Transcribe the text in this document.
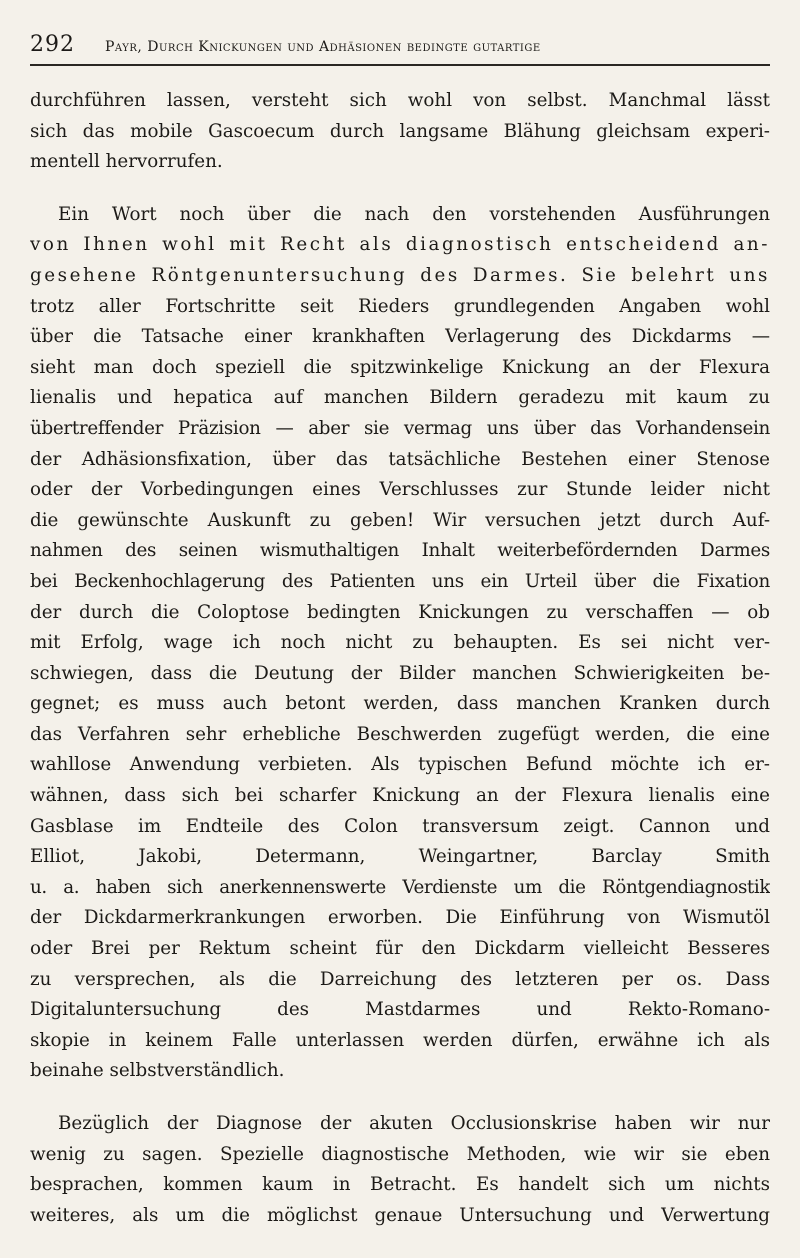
292 Payr, Durch Knickungen und Adhäsionen bedingte gutartige
durchführen lassen, versteht sich wohl von selbst. Manchmal lässt
sich das mobile Gascoecum durch langsame Blähung gleichsam experi-
mentell hervorrufen.
Ein Wort noch über die nach den vorstehenden Ausführungen
von Ihnen wohl mit Recht als diagnostisch entscheidend an-
gesehene Röntgenuntersuchung des Darmes. Sie belehrt uns
trotz aller Fortschritte seit Rieders grundlegenden Angaben wohl
über die Tatsache einer krankhaften Verlagerung des Dickdarms —
sieht man doch speziell die spitzwinkelige Knickung an der Flexura
lienalis und hepatica auf manchen Bildern geradezu mit kaum zu
übertreffender Präzision — aber sie vermag uns über das Vorhandensein
der Adhäsionsfixation, über das tatsächliche Bestehen einer Stenose
oder der Vorbedingungen eines Verschlusses zur Stunde leider nicht
die gewünschte Auskunft zu geben! Wir versuchen jetzt durch Auf-
nahmen des seinen wismuthaltigen Inhalt weiterbefördernden Darmes
bei Beckenhochlagerung des Patienten uns ein Urteil über die Fixation
der durch die Coloptose bedingten Knickungen zu verschaffen — ob
mit Erfolg, wage ich noch nicht zu behaupten. Es sei nicht ver-
schwiegen, dass die Deutung der Bilder manchen Schwierigkeiten be-
gegnet; es muss auch betont werden, dass manchen Kranken durch
das Verfahren sehr erhebliche Beschwerden zugefügt werden, die eine
wahllose Anwendung verbieten. Als typischen Befund möchte ich er-
wähnen, dass sich bei scharfer Knickung an der Flexura lienalis eine
Gasblase im Endteile des Colon transversum zeigt. Cannon und
Elliot, Jakobi, Determann, Weingartner, Barclay Smith
u. a. haben sich anerkennenswerte Verdienste um die Röntgendiagnostik
der Dickdarmerkrankungen erworben. Die Einführung von Wismutöl
oder Brei per Rektum scheint für den Dickdarm vielleicht Besseres
zu versprechen, als die Darreichung des letzteren per os. Dass
Digitaluntersuchung des Mastdarmes und Rekto-Romano-
skopie in keinem Falle unterlassen werden dürfen, erwähne ich als
beinahe selbstverständlich.
Bezüglich der Diagnose der akuten Occlusionskrise haben wir nur
wenig zu sagen. Spezielle diagnostische Methoden, wie wir sie eben
besprachen, kommen kaum in Betracht. Es handelt sich um nichts
weiteres, als um die möglichst genaue Untersuchung und Verwertung
